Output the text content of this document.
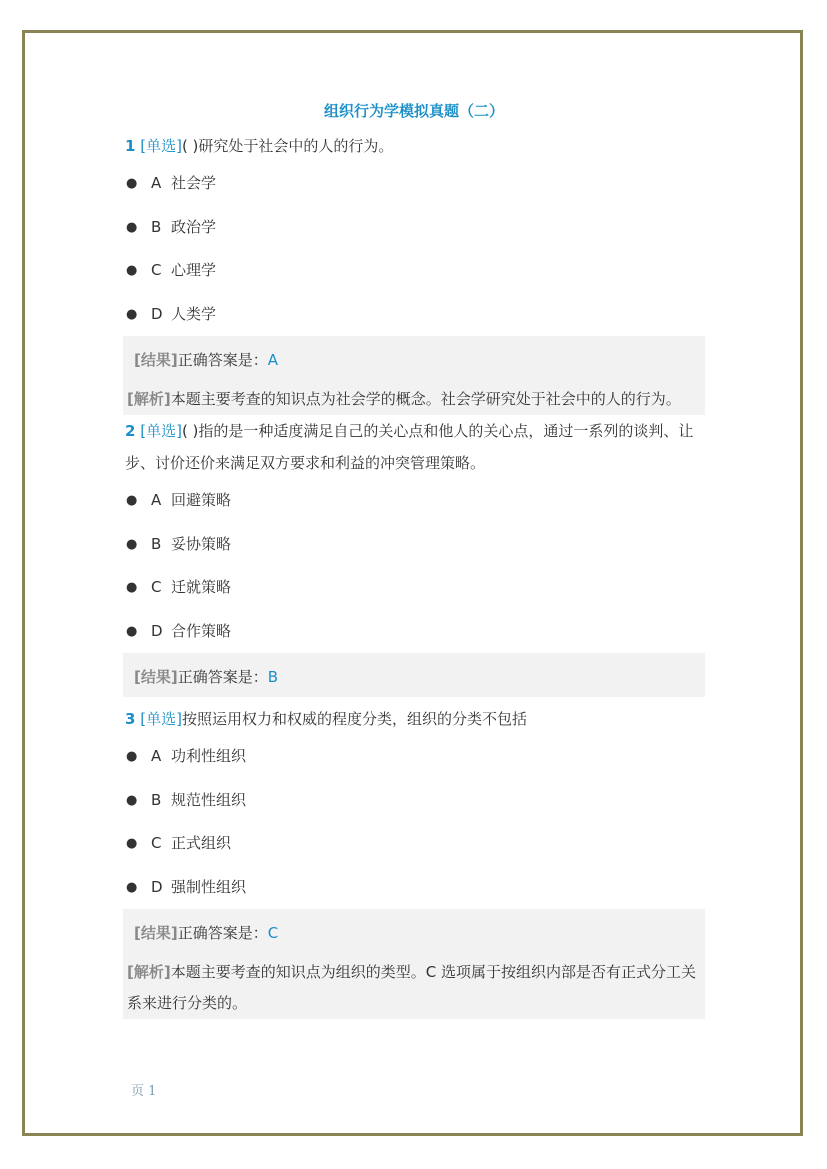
组织行为学模拟真题（二）
1 [单选]( )研究处于社会中的人的行为。
● A 社会学
● B 政治学
● C 心理学
● D 人类学
[结果]正确答案是：A
[解析]本题主要考查的知识点为社会学的概念。社会学研究处于社会中的人的行为。
2 [单选]( )指的是一种适度满足自己的关心点和他人的关心点，通过一系列的谈判、让步、讨价还价来满足双方要求和利益的冲突管理策略。
● A 回避策略
● B 妥协策略
● C 迁就策略
● D 合作策略
[结果]正确答案是：B
3 [单选]按照运用权力和权威的程度分类，组织的分类不包括
● A 功利性组织
● B 规范性组织
● C 正式组织
● D 强制性组织
[结果]正确答案是：C
[解析]本题主要考查的知识点为组织的类型。C 选项属于按组织内部是否有正式分工关系来进行分类的。
页 1
